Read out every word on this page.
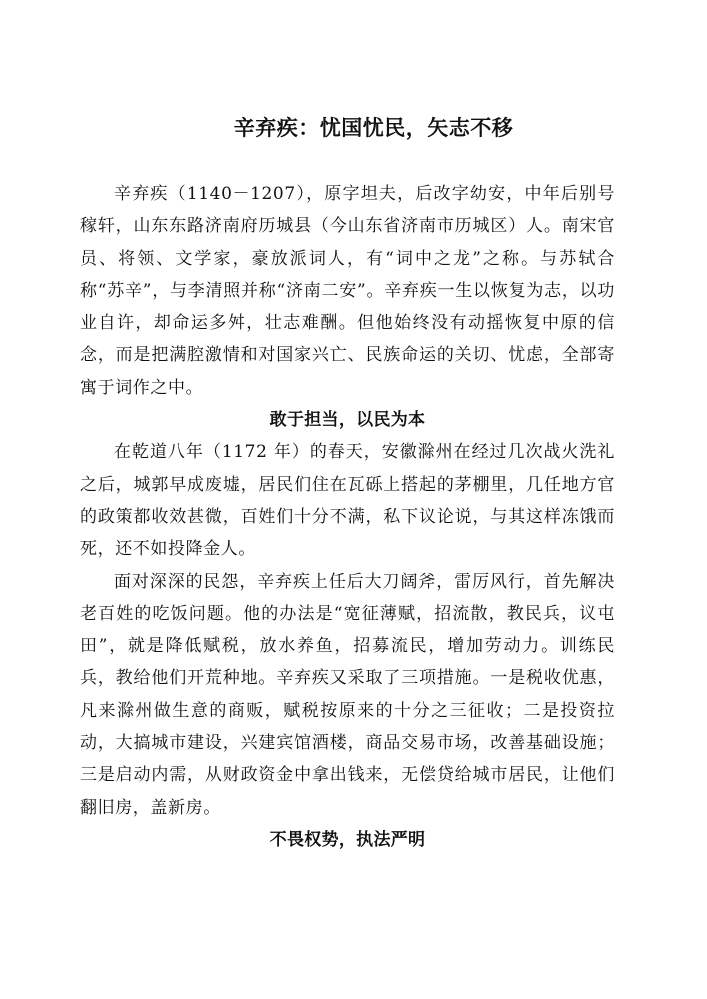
辛弃疾：忧国忧民，矢志不移

辛弃疾（1140－1207），原字坦夫，后改字幼安，中年后别号稼轩，山东东路济南府历城县（今山东省济南市历城区）人。南宋官员、将领、文学家，豪放派词人，有“词中之龙”之称。与苏轼合称“苏辛”，与李清照并称“济南二安”。辛弃疾一生以恢复为志，以功业自许，却命运多舛，壮志难酬。但他始终没有动摇恢复中原的信念，而是把满腔激情和对国家兴亡、民族命运的关切、忧虑，全部寄寓于词作之中。

敢于担当，以民为本

在乾道八年（1172 年）的春天，安徽滁州在经过几次战火洗礼之后，城郭早成废墟，居民们住在瓦砾上搭起的茅棚里，几任地方官的政策都收效甚微，百姓们十分不满，私下议论说，与其这样冻饿而死，还不如投降金人。

面对深深的民怨，辛弃疾上任后大刀阔斧，雷厉风行，首先解决老百姓的吃饭问题。他的办法是“宽征薄赋，招流散，教民兵，议屯田”，就是降低赋税，放水养鱼，招募流民，增加劳动力。训练民兵，教给他们开荒种地。辛弃疾又采取了三项措施。一是税收优惠，凡来滁州做生意的商贩，赋税按原来的十分之三征收；二是投资拉动，大搞城市建设，兴建宾馆酒楼，商品交易市场，改善基础设施；三是启动内需，从财政资金中拿出钱来，无偿贷给城市居民，让他们翻旧房，盖新房。

不畏权势，执法严明
